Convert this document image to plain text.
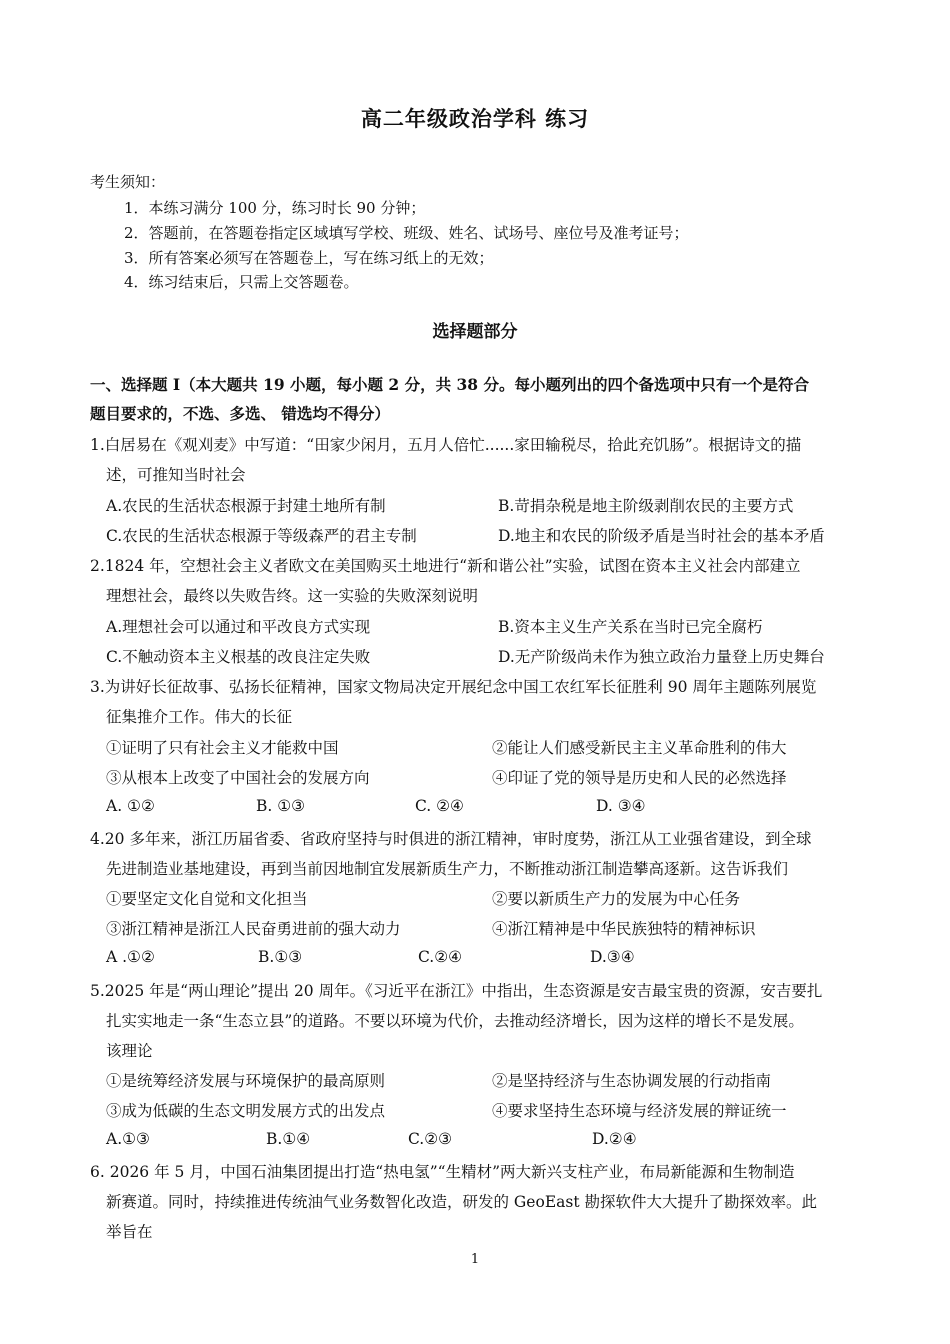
高二年级政治学科 练习
考生须知：
1．本练习满分 100 分，练习时长 90 分钟；
2．答题前，在答题卷指定区域填写学校、班级、姓名、试场号、座位号及准考证号；
3．所有答案必须写在答题卷上，写在练习纸上的无效；
4．练习结束后，只需上交答题卷。
选择题部分
一、选择题 I（本大题共 19 小题，每小题 2 分，共 38 分。每小题列出的四个备选项中只有一个是符合
题目要求的，不选、多选、 错选均不得分）
1.白居易在《观刈麦》中写道：“田家少闲月，五月人倍忙......家田输税尽，拾此充饥肠”。根据诗文的描
述，可推知当时社会
A.农民的生活状态根源于封建土地所有制	B.苛捐杂税是地主阶级剥削农民的主要方式
C.农民的生活状态根源于等级森严的君主专制	D.地主和农民的阶级矛盾是当时社会的基本矛盾
2.1824 年，空想社会主义者欧文在美国购买土地进行“新和谐公社”实验，试图在资本主义社会内部建立
理想社会，最终以失败告终。这一实验的失败深刻说明
A.理想社会可以通过和平改良方式实现	B.资本主义生产关系在当时已完全腐朽
C.不触动资本主义根基的改良注定失败	D.无产阶级尚未作为独立政治力量登上历史舞台
3.为讲好长征故事、弘扬长征精神，国家文物局决定开展纪念中国工农红军长征胜利 90 周年主题陈列展览
征集推介工作。伟大的长征
①证明了只有社会主义才能救中国	②能让人们感受新民主主义革命胜利的伟大
③从根本上改变了中国社会的发展方向	④印证了党的领导是历史和人民的必然选择
A. ①②	B. ①③	C. ②④	D. ③④
4.20 多年来，浙江历届省委、省政府坚持与时俱进的浙江精神，审时度势，浙江从工业强省建设，到全球
先进制造业基地建设，再到当前因地制宜发展新质生产力，不断推动浙江制造攀高逐新。这告诉我们
①要坚定文化自觉和文化担当	②要以新质生产力的发展为中心任务
③浙江精神是浙江人民奋勇进前的强大动力	④浙江精神是中华民族独特的精神标识
A .①②	B.①③	C.②④	D.③④
5.2025 年是“两山理论”提出 20 周年。《习近平在浙江》中指出，生态资源是安吉最宝贵的资源，安吉要扎
扎实实地走一条“生态立县”的道路。不要以环境为代价，去推动经济增长，因为这样的增长不是发展。
该理论
①是统筹经济发展与环境保护的最高原则	②是坚持经济与生态协调发展的行动指南
③成为低碳的生态文明发展方式的出发点	④要求坚持生态环境与经济发展的辩证统一
A.①③	B.①④	C.②③	D.②④
6. 2026 年 5 月，中国石油集团提出打造“热电氢”“生精材”两大新兴支柱产业，布局新能源和生物制造
新赛道。同时，持续推进传统油气业务数智化改造，研发的 GeoEast 勘探软件大大提升了勘探效率。此
举旨在
1
